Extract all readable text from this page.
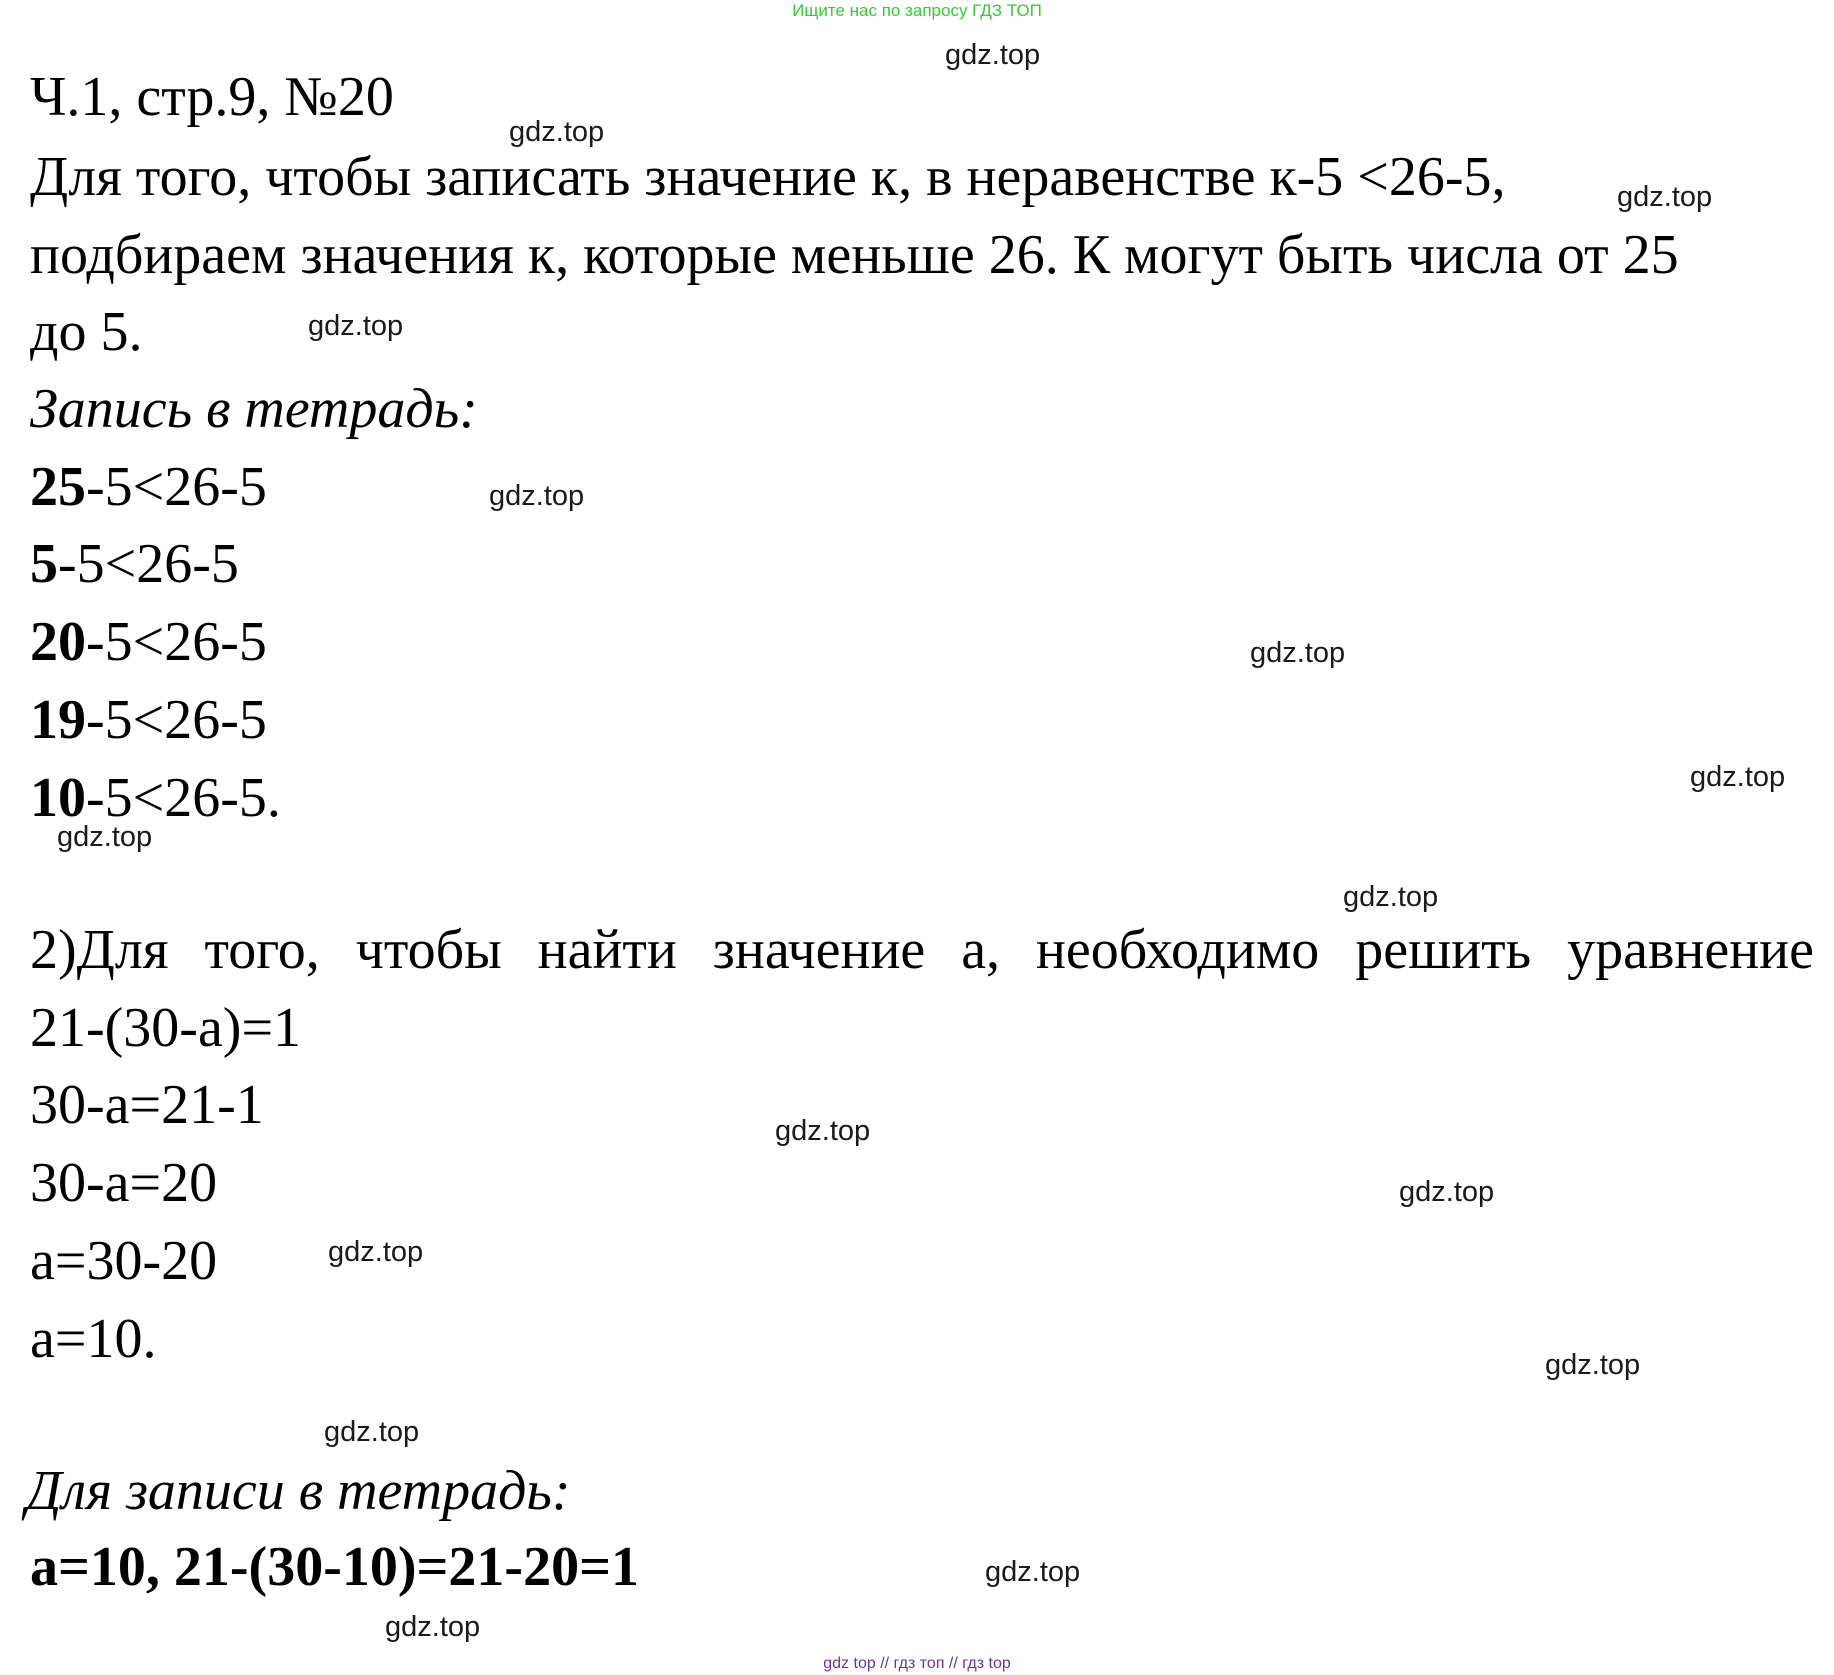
Ищите нас по запросу ГДЗ ТОП
Ч.1, стр.9, №20
Для того, чтобы записать значение к, в неравенстве к-5 <26-5,
подбираем значения к, которые меньше 26. К могут быть числа от 25
до 5.
Запись в тетрадь:
25-5<26-5
5-5<26-5
20-5<26-5
19-5<26-5
10-5<26-5.
2)Для того, чтобы найти значение а, необходимо решить уравнение
21-(30-а)=1
30-а=21-1
30-а=20
а=30-20
а=10.
Для записи в тетрадь:
а=10, 21-(30-10)=21-20=1
gdz.top
gdz.top
gdz.top
gdz.top
gdz.top
gdz.top
gdz.top
gdz.top
gdz.top
gdz.top
gdz.top
gdz.top
gdz.top
gdz.top
gdz.top
gdz.top
gdz top // гдз топ // гдз top
